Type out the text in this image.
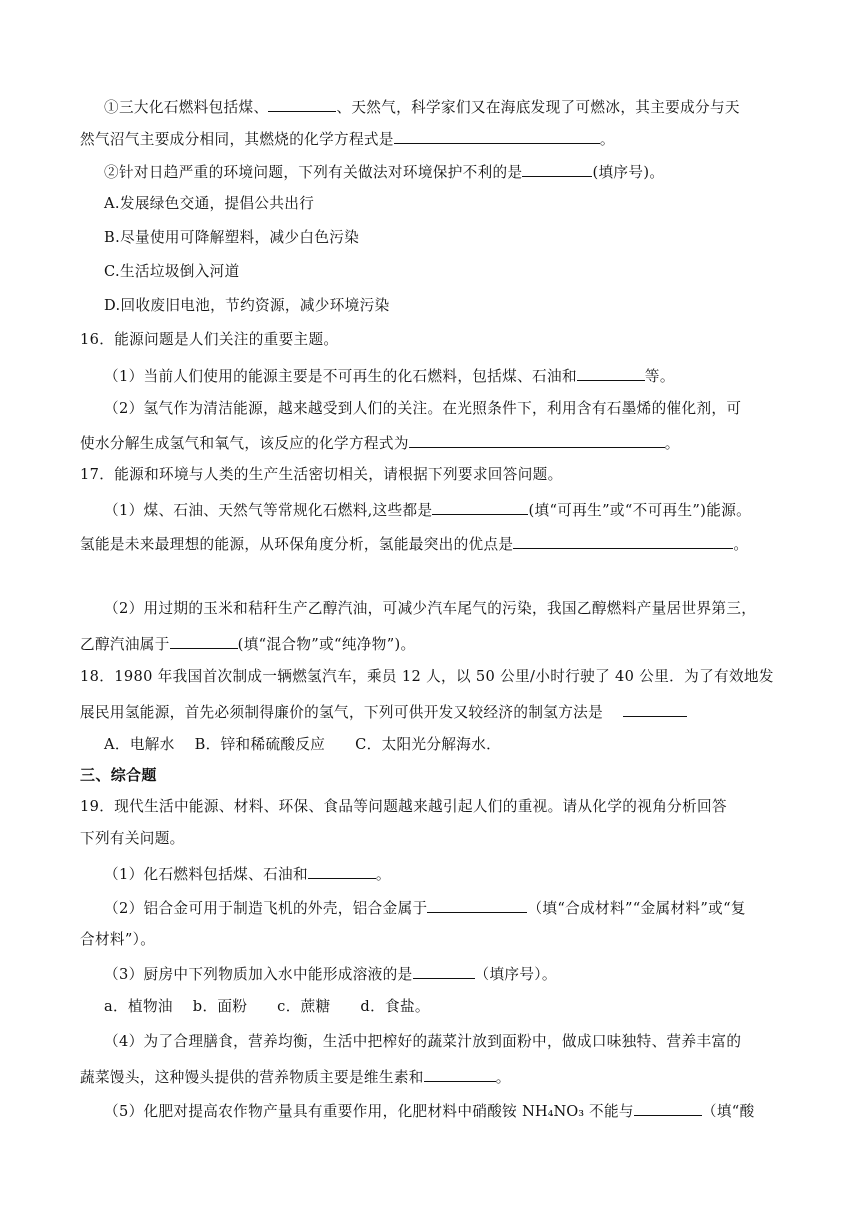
①三大化石燃料包括煤、	、天然气，科学家们又在海底发现了可燃冰，其主要成分与天
然气沼气主要成分相同，其燃烧的化学方程式是	。
②针对日趋严重的环境问题，下列有关做法对环境保护不利的是	(填序号)。
A.发展绿色交通，提倡公共出行
B.尽量使用可降解塑料，减少白色污染
C.生活垃圾倒入河道
D.回收废旧电池，节约资源，减少环境污染
16．能源问题是人们关注的重要主题。
（1）当前人们使用的能源主要是不可再生的化石燃料，包括煤、石油和	等。
（2）氢气作为清洁能源，越来越受到人们的关注。在光照条件下，利用含有石墨烯的催化剂，可
使水分解生成氢气和氧气，该反应的化学方程式为	。
17．能源和环境与人类的生产生活密切相关，请根据下列要求回答问题。
（1）煤、石油、天然气等常规化石燃料,这些都是	(填“可再生”或“不可再生”)能源。
氢能是未来最理想的能源，从环保角度分析，氢能最突出的优点是	。
（2）用过期的玉米和秸秆生产乙醇汽油，可减少汽车尾气的污染，我国乙醇燃料产量居世界第三，
乙醇汽油属于	(填“混合物”或“纯净物”)。
18．1980 年我国首次制成一辆燃氢汽车，乘员 12 人，以 50 公里/小时行驶了 40 公里．为了有效地发
展民用氢能源，首先必须制得廉价的氢气，下列可供开发又较经济的制氢方法是　
A．电解水　 B．锌和稀硫酸反应　　C．太阳光分解海水．
三、综合题
19．现代生活中能源、材料、环保、食品等问题越来越引起人们的重视。请从化学的视角分析回答
下列有关问题。
（1）化石燃料包括煤、石油和	。
（2）铝合金可用于制造飞机的外壳，铝合金属于	（填“合成材料”“金属材料”或“复
合材料”）。
（3）厨房中下列物质加入水中能形成溶液的是	（填序号）。
a．植物油　 b．面粉　　c．蔗糖　　d．食盐。
（4）为了合理膳食，营养均衡，生活中把榨好的蔬菜汁放到面粉中，做成口味独特、营养丰富的
蔬菜馒头，这种馒头提供的营养物质主要是维生素和	。
（5）化肥对提高农作物产量具有重要作用，化肥材料中硝酸铵 NH₄NO₃ 不能与	（填“酸
